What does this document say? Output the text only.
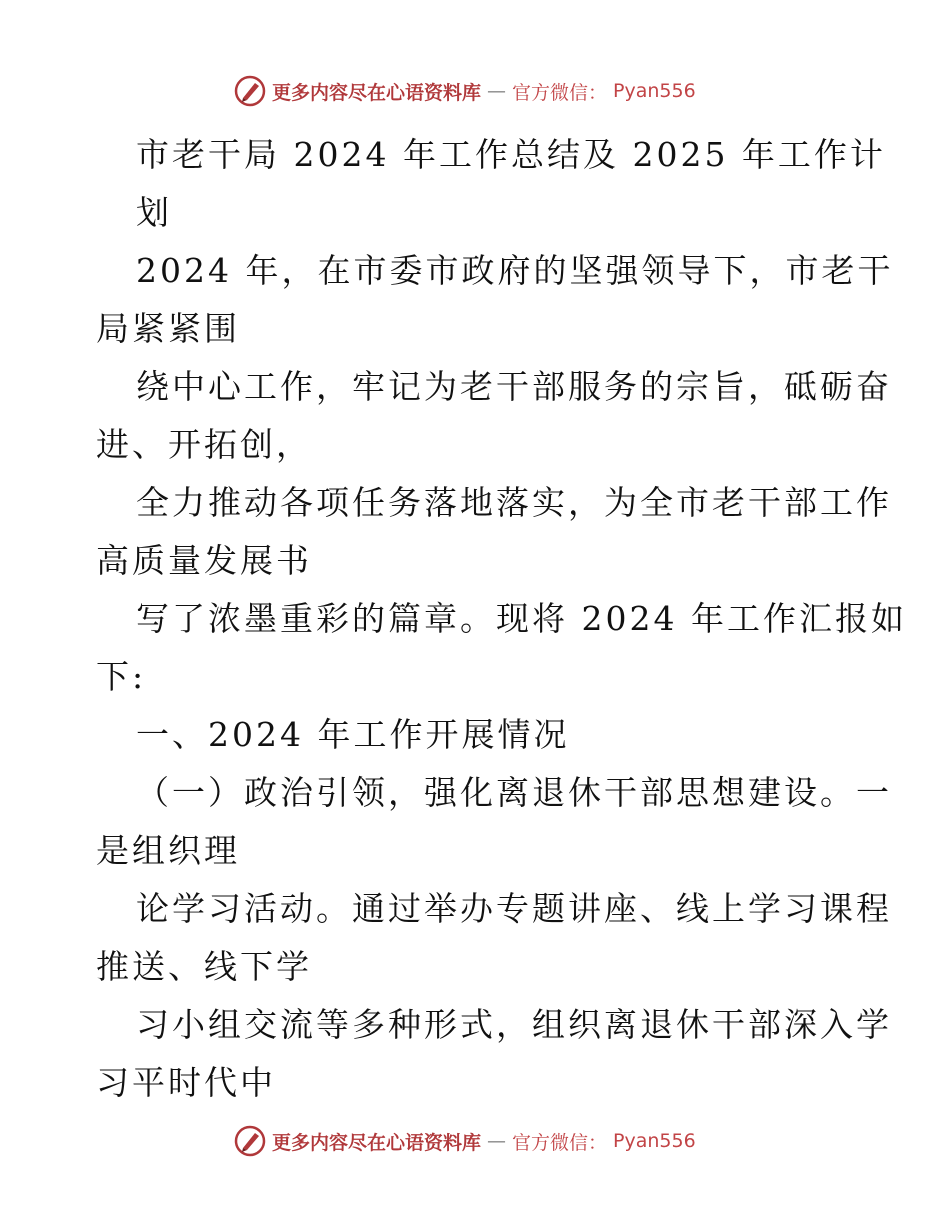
更多内容尽在心语资料库 — 官方微信： Pyan556
市老干局 2024 年工作总结及 2025 年工作计
划
2024 年，在市委市政府的坚强领导下，市老干
局紧紧围
绕中心工作，牢记为老干部服务的宗旨，砥砺奋
进、开拓创，
全力推动各项任务落地落实，为全市老干部工作
高质量发展书
写了浓墨重彩的篇章。现将 2024 年工作汇报如
下:
一、2024 年工作开展情况
（一）政治引领，强化离退休干部思想建设。一
是组织理
论学习活动。通过举办专题讲座、线上学习课程
推送、线下学
习小组交流等多种形式，组织离退休干部深入学
习平时代中
更多内容尽在心语资料库 — 官方微信： Pyan556
